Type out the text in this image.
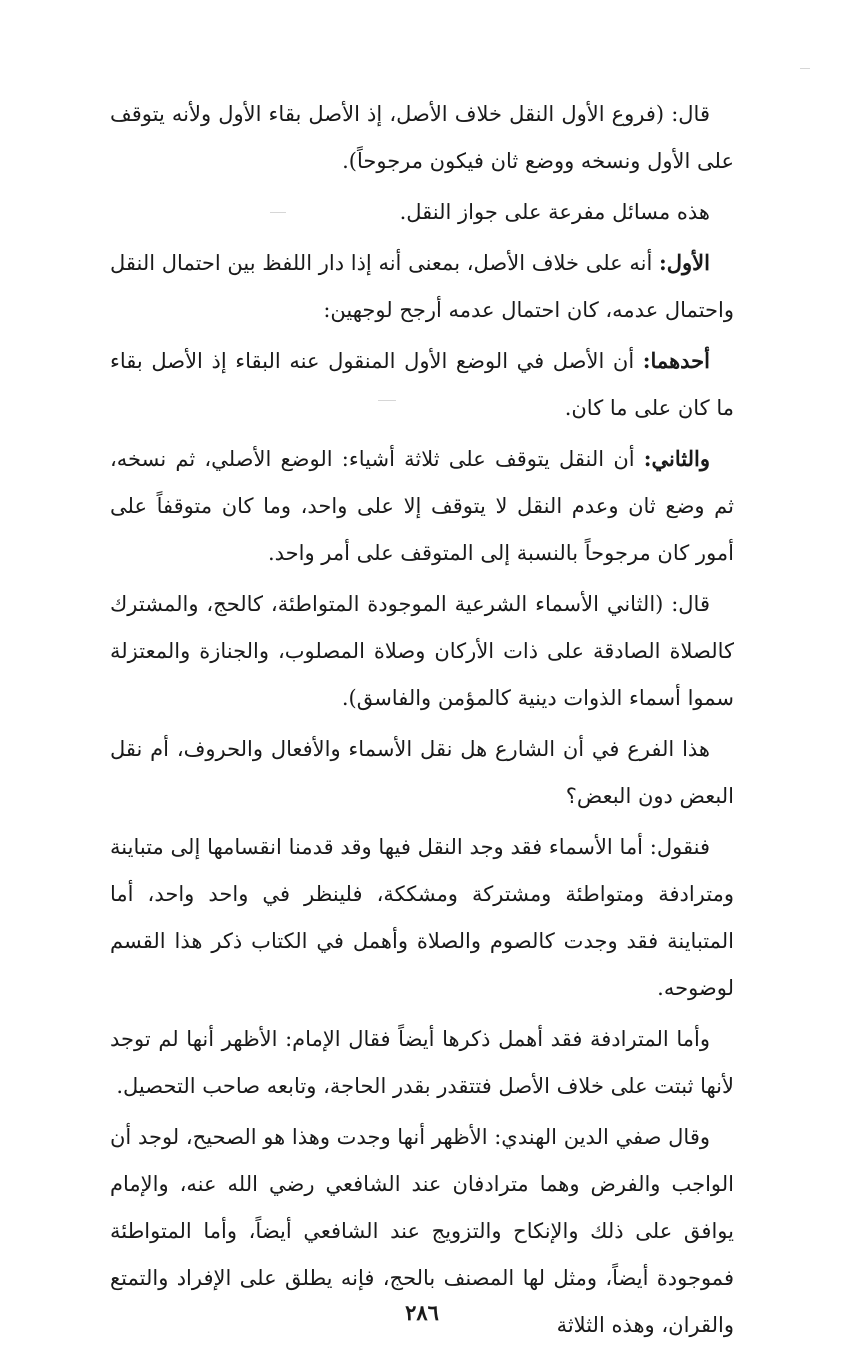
قال: (فروع الأول النقل خلاف الأصل، إذ الأصل بقاء الأول ولأنه يتوقف على الأول ونسخه ووضع ثان فيكون مرجوحاً).

هذه مسائل مفرعة على جواز النقل.

الأول: أنه على خلاف الأصل، بمعنى أنه إذا دار اللفظ بين احتمال النقل واحتمال عدمه، كان احتمال عدمه أرجح لوجهين:

أحدهما: أن الأصل في الوضع الأول المنقول عنه البقاء إذ الأصل بقاء ما كان على ما كان.

والثاني: أن النقل يتوقف على ثلاثة أشياء: الوضع الأصلي، ثم نسخه، ثم وضع ثان وعدم النقل لا يتوقف إلا على واحد، وما كان متوقفاً على أمور كان مرجوحاً بالنسبة إلى المتوقف على أمر واحد.

قال: (الثاني الأسماء الشرعية الموجودة المتواطئة، كالحج، والمشترك كالصلاة الصادقة على ذات الأركان وصلاة المصلوب، والجنازة والمعتزلة سموا أسماء الذوات دينية كالمؤمن والفاسق).

هذا الفرع في أن الشارع هل نقل الأسماء والأفعال والحروف، أم نقل البعض دون البعض؟

فنقول: أما الأسماء فقد وجد النقل فيها وقد قدمنا انقسامها إلى متباينة ومترادفة ومتواطئة ومشتركة ومشككة، فلينظر في واحد واحد، أما المتباينة فقد وجدت كالصوم والصلاة وأهمل في الكتاب ذكر هذا القسم لوضوحه.

وأما المترادفة فقد أهمل ذكرها أيضاً فقال الإمام: الأظهر أنها لم توجد لأنها ثبتت على خلاف الأصل فتتقدر بقدر الحاجة، وتابعه صاحب التحصيل.

وقال صفي الدين الهندي: الأظهر أنها وجدت وهذا هو الصحيح، لوجد أن الواجب والفرض وهما مترادفان عند الشافعي رضي الله عنه، والإمام يوافق على ذلك والإنكاح والتزويج عند الشافعي أيضاً، وأما المتواطئة فموجودة أيضاً، ومثل لها المصنف بالحج، فإنه يطلق على الإفراد والتمتع والقران، وهذه الثلاثة

٢٨٦
